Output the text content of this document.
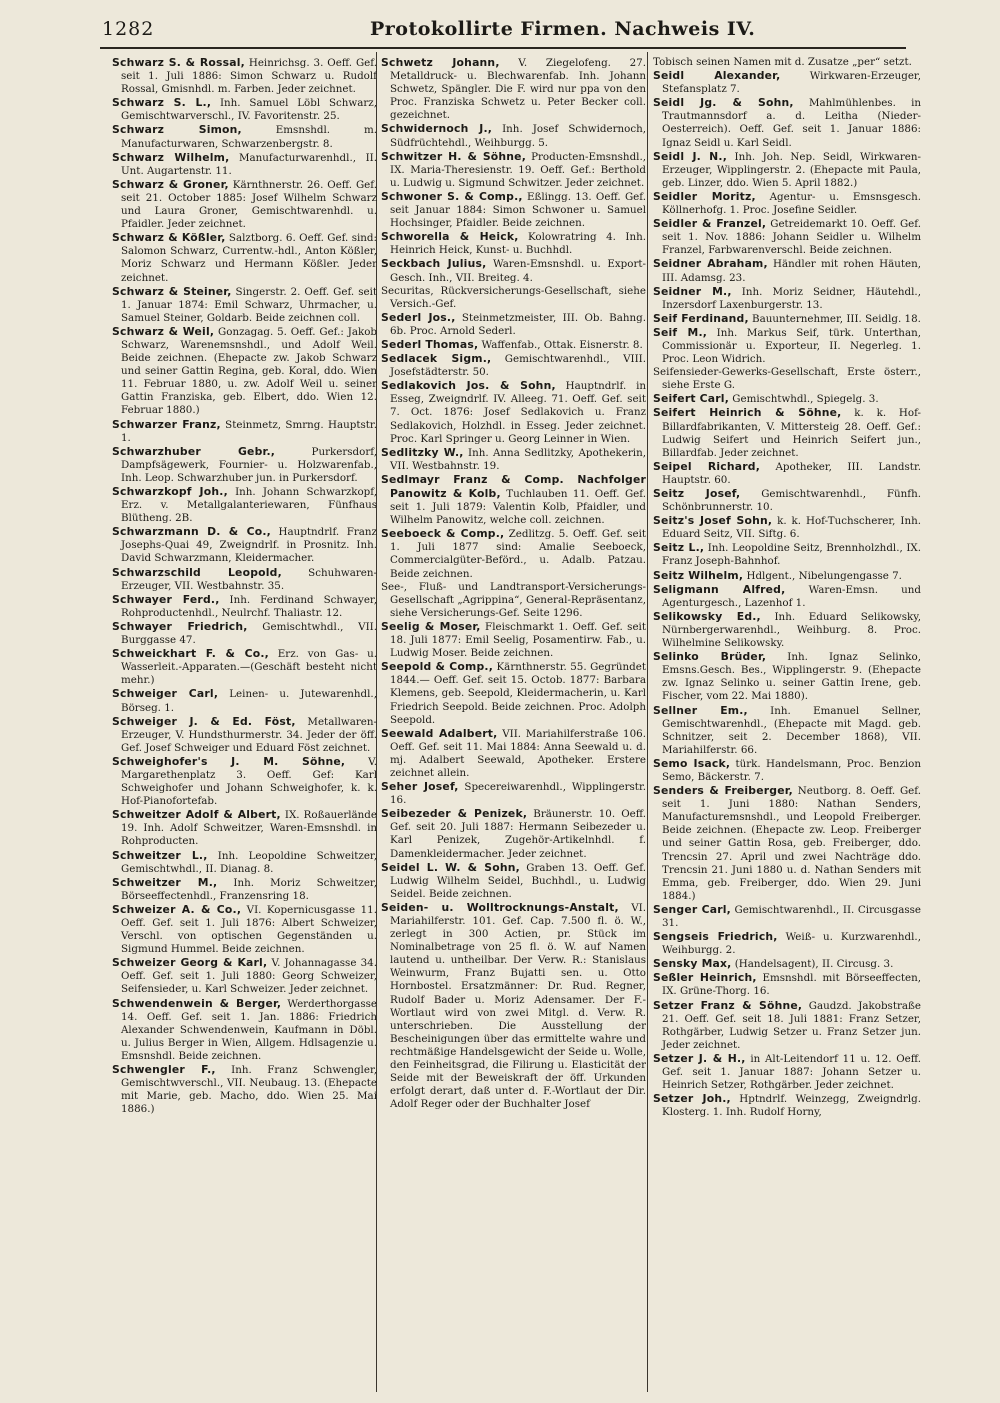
1282	Protokollirte Firmen. Nachweis IV.
Schwarz S. & Rossal, Heinrichsg. 3. Oeff. Gef. seit 1. Juli 1886: Simon Schwarz u. Rudolf Rossal, Gmisnhdl. m. Farben. Jeder zeichnet.
Schwarz S. L., Inh. Samuel Löbl Schwarz, Gemischtwarverschl., IV. Favoritenstr. 25.
Schwarz Simon, Emsnshdl. m. Manufacturwaren, Schwarzenbergstr. 8.
Schwarz Wilhelm, Manufacturwarenhdl., II. Unt. Augartenstr. 11.
Schwarz & Groner, Kärnthnerstr. 26. Oeff. Gef. seit 21. October 1885: Josef Wilhelm Schwarz und Laura Groner, Gemischtwarenhdl. u. Pfaidler. Jeder zeichnet.
Schwarz & Kößler, Salztborg. 6. Oeff. Gef. sind: Salomon Schwarz, Currentw.-hdl., Anton Kößler, Moriz Schwarz und Hermann Kößler. Jeder zeichnet.
Schwarz & Steiner, Singerstr. 2. Oeff. Gef. seit 1. Januar 1874: Emil Schwarz, Uhrmacher, u. Samuel Steiner, Goldarb. Beide zeichnen coll.
Schwarz & Weil, Gonzagag. 5. Oeff. Gef.: Jakob Schwarz, Warenemsnshdl., und Adolf Weil. Beide zeichnen. (Ehepacte zw. Jakob Schwarz und seiner Gattin Regina, geb. Koral, ddo. Wien 11. Februar 1880, u. zw. Adolf Weil u. seiner Gattin Franziska, geb. Elbert, ddo. Wien 12. Februar 1880.)
Schwarzer Franz, Steinmetz, Smrng. Hauptstr. 1.
Schwarzhuber Gebr., Purkersdorf, Dampfsägewerk, Fournier- u. Holzwarenfab., Inh. Leop. Schwarzhuber jun. in Purkersdorf.
Schwarzkopf Joh., Inh. Johann Schwarzkopf, Erz. v. Metallgalanteriewaren, Fünfhaus Blütheng. 2B.
Schwarzmann D. & Co., Hauptndrlf. Franz Josephs-Quai 49, Zweigndrlf. in Prosnitz. Inh. David Schwarzmann, Kleidermacher.
Schwarzschild Leopold, Schuhwaren-Erzeuger, VII. Westbahnstr. 35.
Schwayer Ferd., Inh. Ferdinand Schwayer, Rohproductenhdl., Neulrchf. Thaliastr. 12.
Schwayer Friedrich, Gemischtwhdl., VII. Burggasse 47.
Schweickhart F. & Co., Erz. von Gas- u. Wasserleit.-Apparaten.—(Geschäft besteht nicht mehr.)
Schweiger Carl, Leinen- u. Jutewarenhdl., Börseg. 1.
Schweiger J. & Ed. Föst, Metallwaren-Erzeuger, V. Hundsthurmerstr. 34. Jeder der öff. Gef. Josef Schweiger und Eduard Föst zeichnet.
Schweighofer's J. M. Söhne, V. Margarethenplatz 3. Oeff. Gef: Karl Schweighofer und Johann Schweighofer, k. k. Hof-Pianofortefab.
Schweitzer Adolf & Albert, IX. Roßauerlände 19. Inh. Adolf Schweitzer, Waren-Emsnshdl. in Rohproducten.
Schweitzer L., Inh. Leopoldine Schweitzer, Gemischtwhdl., II. Dianag. 8.
Schweitzer M., Inh. Moriz Schweitzer, Börseeffectenhdl., Franzensring 18.
Schweizer A. & Co., VI. Kopernicusgasse 11. Oeff. Gef. seit 1. Juli 1876: Albert Schweizer, Verschl. von optischen Gegenständen u. Sigmund Hummel. Beide zeichnen.
Schweizer Georg & Karl, V. Johannagasse 34. Oeff. Gef. seit 1. Juli 1880: Georg Schweizer, Seifensieder, u. Karl Schweizer. Jeder zeichnet.
Schwendenwein & Berger, Werderthorgasse 14. Oeff. Gef. seit 1. Jan. 1886: Friedrich Alexander Schwendenwein, Kaufmann in Döbl. u. Julius Berger in Wien, Allgem. Hdlsagenzie u. Emsnshdl. Beide zeichnen.
Schwengler F., Inh. Franz Schwengler, Gemischtwverschl., VII. Neubaug. 13. (Ehepacte mit Marie, geb. Macho, ddo. Wien 25. Mai 1886.)
Schwetz Johann, V. Ziegelofeng. 27. Metalldruck- u. Blechwarenfab. Inh. Johann Schwetz, Spängler. Die F. wird nur ppa von den Proc. Franziska Schwetz u. Peter Becker coll. gezeichnet.
Schwidernoch J., Inh. Josef Schwidernoch, Südfrüchtehdl., Weihburgg. 5.
Schwitzer H. & Söhne, Producten-Emsnshdl., IX. Maria-Theresienstr. 19. Oeff. Gef.: Berthold u. Ludwig u. Sigmund Schwitzer. Jeder zeichnet.
Schwoner S. & Comp., Eßlingg. 13. Oeff. Gef. seit Januar 1884: Simon Schwoner u. Samuel Hochsinger, Pfaidler. Beide zeichnen.
Schworella & Heick, Kolowratring 4. Inh. Heinrich Heick, Kunst- u. Buchhdl.
Seckbach Julius, Waren-Emsnshdl. u. Export-Gesch. Inh., VII. Breiteg. 4.
Securitas, Rückversicherungs-Gesellschaft, siehe Versich.-Gef.
Sederl Jos., Steinmetzmeister, III. Ob. Bahng. 6b. Proc. Arnold Sederl.
Sederl Thomas, Waffenfab., Ottak. Eisnerstr. 8.
Sedlacek Sigm., Gemischtwarenhdl., VIII. Josefstädterstr. 50.
Sedlakovich Jos. & Sohn, Hauptndrlf. in Esseg, Zweigndrlf. IV. Alleeg. 71. Oeff. Gef. seit 7. Oct. 1876: Josef Sedlakovich u. Franz Sedlakovich, Holzhdl. in Esseg. Jeder zeichnet. Proc. Karl Springer u. Georg Leinner in Wien.
Sedlitzky W., Inh. Anna Sedlitzky, Apothekerin, VII. Westbahnstr. 19.
Sedlmayr Franz & Comp. Nachfolger Panowitz & Kolb, Tuchlauben 11. Oeff. Gef. seit 1. Juli 1879: Valentin Kolb, Pfaidler, und Wilhelm Panowitz, welche coll. zeichnen.
Seeboeck & Comp., Zedlitzg. 5. Oeff. Gef. seit 1. Juli 1877 sind: Amalie Seeboeck, Commercialgüter-Beförd., u. Adalb. Patzau. Beide zeichnen.
See-, Fluß- und Landtransport-Versicherungs-Gesellschaft „Agrippina“, General-Repräsentanz, siehe Versicherungs-Gef. Seite 1296.
Seelig & Moser, Fleischmarkt 1. Oeff. Gef. seit 18. Juli 1877: Emil Seelig, Posamentirw. Fab., u. Ludwig Moser. Beide zeichnen.
Seepold & Comp., Kärnthnerstr. 55. Gegründet 1844.— Oeff. Gef. seit 15. Octob. 1877: Barbara Klemens, geb. Seepold, Kleidermacherin, u. Karl Friedrich Seepold. Beide zeichnen. Proc. Adolph Seepold.
Seewald Adalbert, VII. Mariahilferstraße 106. Oeff. Gef. seit 11. Mai 1884: Anna Seewald u. d. mj. Adalbert Seewald, Apotheker. Erstere zeichnet allein.
Seher Josef, Specereiwarenhdl., Wipplingerstr. 16.
Seibezeder & Penizek, Bräunerstr. 10. Oeff. Gef. seit 20. Juli 1887: Hermann Seibezeder u. Karl Penizek, Zugehör-Artikelnhdl. f. Damenkleidermacher. Jeder zeichnet.
Seidel L. W. & Sohn, Graben 13. Oeff. Gef. Ludwig Wilhelm Seidel, Buchhdl., u. Ludwig Seidel. Beide zeichnen.
Seiden- u. Wolltrocknungs-Anstalt, VI. Mariahilferstr. 101. Gef. Cap. 7.500 fl. ö. W., zerlegt in 300 Actien, pr. Stück im Nominalbetrage von 25 fl. ö. W. auf Namen lautend u. untheilbar. Der Verw. R.: Stanislaus Weinwurm, Franz Bujatti sen. u. Otto Hornbostel. Ersatzmänner: Dr. Rud. Regner, Rudolf Bader u. Moriz Adensamer. Der F.-Wortlaut wird von zwei Mitgl. d. Verw. R. unterschrieben. Die Ausstellung der Bescheinigungen über das ermittelte wahre und rechtmäßige Handelsgewicht der Seide u. Wolle, den Feinheitsgrad, die Filirung u. Elasticität der Seide mit der Beweiskraft der öff. Urkunden erfolgt derart, daß unter d. F.-Wortlaut der Dir. Adolf Reger oder der Buchhalter Josef
Tobisch seinen Namen mit d. Zusatze „per“ setzt.
Seidl Alexander, Wirkwaren-Erzeuger, Stefansplatz 7.
Seidl Jg. & Sohn, Mahlmühlenbes. in Trautmannsdorf a. d. Leitha (Nieder-Oesterreich). Oeff. Gef. seit 1. Januar 1886: Ignaz Seidl u. Karl Seidl.
Seidl J. N., Inh. Joh. Nep. Seidl, Wirkwaren-Erzeuger, Wipplingerstr. 2. (Ehepacte mit Paula, geb. Linzer, ddo. Wien 5. April 1882.)
Seidler Moritz, Agentur- u. Emsnsgesch. Köllnerhofg. 1. Proc. Josefine Seidler.
Seidler & Franzel, Getreidemarkt 10. Oeff. Gef. seit 1. Nov. 1886: Johann Seidler u. Wilhelm Franzel, Farbwarenverschl. Beide zeichnen.
Seidner Abraham, Händler mit rohen Häuten, III. Adamsg. 23.
Seidner M., Inh. Moriz Seidner, Häutehdl., Inzersdorf Laxenburgerstr. 13.
Seif Ferdinand, Bauunternehmer, III. Seidlg. 18.
Seif M., Inh. Markus Seif, türk. Unterthan, Commissionär u. Exporteur, II. Negerleg. 1. Proc. Leon Widrich.
Seifensieder-Gewerks-Gesellschaft, Erste österr., siehe Erste G.
Seifert Carl, Gemischtwhdl., Spiegelg. 3.
Seifert Heinrich & Söhne, k. k. Hof-Billardfabrikanten, V. Mittersteig 28. Oeff. Gef.: Ludwig Seifert und Heinrich Seifert jun., Billardfab. Jeder zeichnet.
Seipel Richard, Apotheker, III. Landstr. Hauptstr. 60.
Seitz Josef, Gemischtwarenhdl., Fünfh. Schönbrunnerstr. 10.
Seitz's Josef Sohn, k. k. Hof-Tuchscherer, Inh. Eduard Seitz, VII. Siftg. 6.
Seitz L., Inh. Leopoldine Seitz, Brennholzhdl., IX. Franz Joseph-Bahnhof.
Seitz Wilhelm, Hdlgent., Nibelungengasse 7.
Seligmann Alfred, Waren-Emsn. und Agenturgesch., Lazenhof 1.
Selikowsky Ed., Inh. Eduard Selikowsky, Nürnbergerwarenhdl., Weihburg. 8. Proc. Wilhelmine Selikowsky.
Selinko Brüder, Inh. Ignaz Selinko, Emsns.Gesch. Bes., Wipplingerstr. 9. (Ehepacte zw. Ignaz Selinko u. seiner Gattin Irene, geb. Fischer, vom 22. Mai 1880).
Sellner Em., Inh. Emanuel Sellner, Gemischtwarenhdl., (Ehepacte mit Magd. geb. Schnitzer, seit 2. December 1868), VII. Mariahilferstr. 66.
Semo Isack, türk. Handelsmann, Proc. Benzion Semo, Bäckerstr. 7.
Senders & Freiberger, Neutborg. 8. Oeff. Gef. seit 1. Juni 1880: Nathan Senders, Manufacturemsnshdl., und Leopold Freiberger. Beide zeichnen. (Ehepacte zw. Leop. Freiberger und seiner Gattin Rosa, geb. Freiberger, ddo. Trencsin 27. April und zwei Nachträge ddo. Trencsin 21. Juni 1880 u. d. Nathan Senders mit Emma, geb. Freiberger, ddo. Wien 29. Juni 1884.)
Senger Carl, Gemischtwarenhdl., II. Circusgasse 31.
Sengseis Friedrich, Weiß- u. Kurzwarenhdl., Weihburgg. 2.
Sensky Max, (Handelsagent), II. Circusg. 3.
Seßler Heinrich, Emsnshdl. mit Börseeffecten, IX. Grüne-Thorg. 16.
Setzer Franz & Söhne, Gaudzd. Jakobstraße 21. Oeff. Gef. seit 18. Juli 1881: Franz Setzer, Rothgärber, Ludwig Setzer u. Franz Setzer jun. Jeder zeichnet.
Setzer J. & H., in Alt-Leitendorf 11 u. 12. Oeff. Gef. seit 1. Januar 1887: Johann Setzer u. Heinrich Setzer, Rothgärber. Jeder zeichnet.
Setzer Joh., Hptndrlf. Weinzegg, Zweigndrlg. Klosterg. 1. Inh. Rudolf Horny,
